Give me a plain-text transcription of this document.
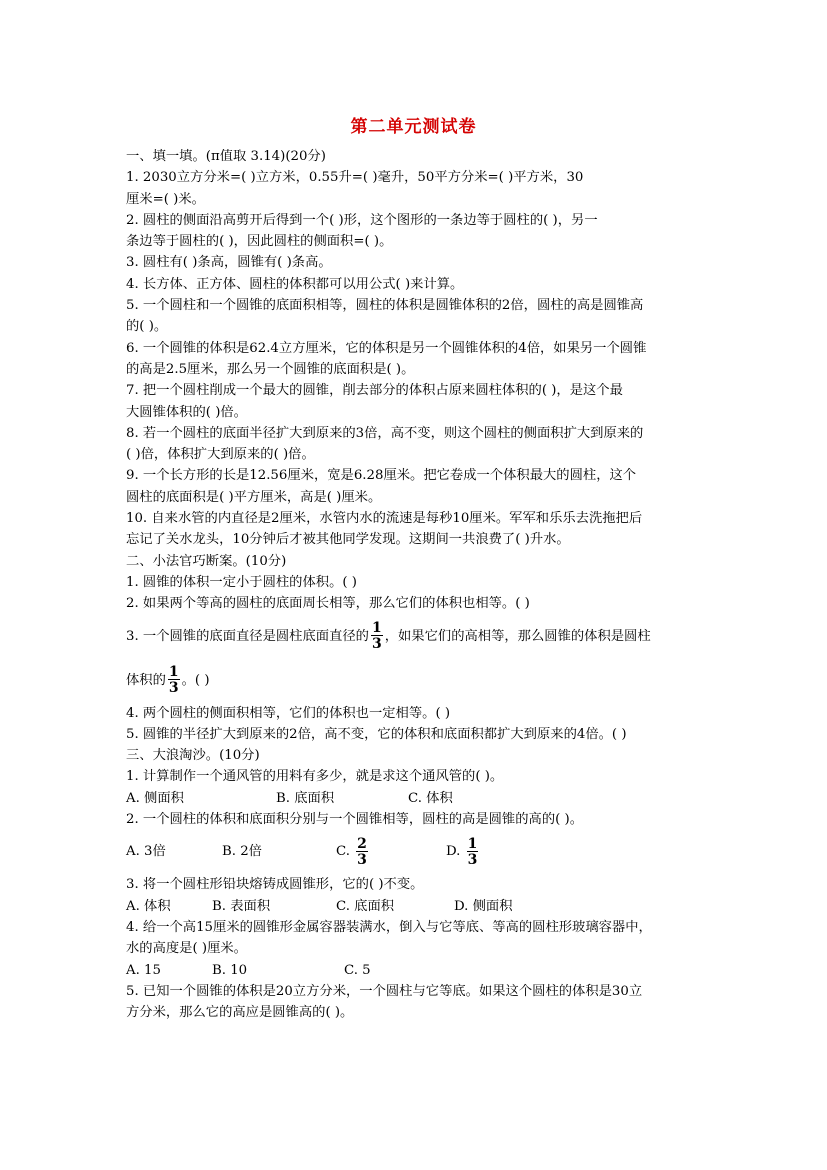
第二单元测试卷
一、填一填。(π值取 3.14)(20分)
1. 2030立方分米=( )立方米，0.55升=( )毫升，50平方分米=( )平方米，30
厘米=( )米。
2. 圆柱的侧面沿高剪开后得到一个( )形，这个图形的一条边等于圆柱的( )，另一
条边等于圆柱的( )，因此圆柱的侧面积=( )。
3. 圆柱有( )条高，圆锥有( )条高。
4. 长方体、正方体、圆柱的体积都可以用公式( )来计算。
5. 一个圆柱和一个圆锥的底面积相等，圆柱的体积是圆锥体积的2倍，圆柱的高是圆锥高
的( )。
6. 一个圆锥的体积是62.4立方厘米，它的体积是另一个圆锥体积的4倍，如果另一个圆锥
的高是2.5厘米，那么另一个圆锥的底面积是( )。
7. 把一个圆柱削成一个最大的圆锥，削去部分的体积占原来圆柱体积的( )，是这个最
大圆锥体积的( )倍。
8. 若一个圆柱的底面半径扩大到原来的3倍，高不变，则这个圆柱的侧面积扩大到原来的
( )倍，体积扩大到原来的( )倍。
9. 一个长方形的长是12.56厘米，宽是6.28厘米。把它卷成一个体积最大的圆柱，这个
圆柱的底面积是( )平方厘米，高是( )厘米。
10. 自来水管的内直径是2厘米，水管内水的流速是每秒10厘米。军军和乐乐去洗拖把后
忘记了关水龙头，10分钟后才被其他同学发现。这期间一共浪费了( )升水。
二、小法官巧断案。(10分)
1. 圆锥的体积一定小于圆柱的体积。( )
2. 如果两个等高的圆柱的底面周长相等，那么它们的体积也相等。( )
3. 一个圆锥的底面直径是圆柱底面直径的 $\frac{1}{3}$ ，如果它们的高相等，那么圆锥的体积是圆柱
体积的 $\frac{1}{3}$ 。( )
4. 两个圆柱的侧面积相等，它们的体积也一定相等。( )
5. 圆锥的半径扩大到原来的2倍，高不变，它的体积和底面积都扩大到原来的4倍。( )
三、大浪淘沙。(10分)
1. 计算制作一个通风管的用料有多少，就是求这个通风管的( )。
A. 侧面积	B. 底面积	C. 体积
2. 一个圆柱的体积和底面积分别与一个圆锥相等，圆柱的高是圆锥的高的( )。
A. 3倍	B. 2倍	C. $\frac{2}{3}$	D. $\frac{1}{3}$
3. 将一个圆柱形铅块熔铸成圆锥形，它的( )不变。
A. 体积	B. 表面积	C. 底面积	D. 侧面积
4. 给一个高15厘米的圆锥形金属容器装满水，倒入与它等底、等高的圆柱形玻璃容器中，
水的高度是( )厘米。
A. 15	B. 10	C. 5
5. 已知一个圆锥的体积是20立方分米，一个圆柱与它等底。如果这个圆柱的体积是30立
方分米，那么它的高应是圆锥高的( )。
